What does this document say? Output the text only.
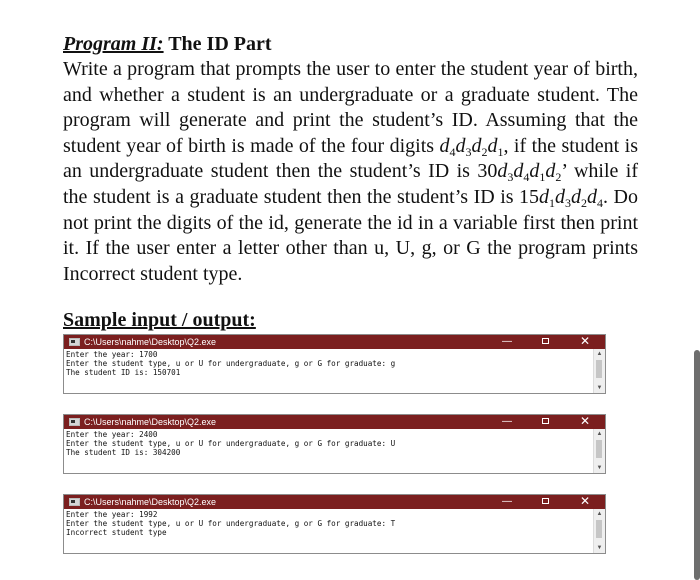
Program II: The ID Part

Write a program that prompts the user to enter the student year of birth, and whether a student is an undergraduate or a graduate student. The program will generate and print the student’s ID. Assuming that the student year of birth is made of the four digits $d_4d_3d_2d_1$, if the student is an undergraduate student then the student’s ID is $30d_3d_4d_1d_2$’ while if the student is a graduate student then the student’s ID is $15d_1d_3d_2d_4$. Do not print the digits of the id, generate the id in a variable first then print it. If the user enter a letter other than u, U, g, or G the program prints Incorrect student type.

Sample input / output:

C:\Users\nahme\Desktop\Q2.exe	—	✕
Enter the year: 1700
Enter the student type, u or U for undergraduate, g or G for graduate: g
The student ID is: 150701
▲
▼
C:\Users\nahme\Desktop\Q2.exe	—	✕
Enter the year: 2400
Enter the student type, u or U for undergraduate, g or G for graduate: U
The student ID is: 304200
▲
▼
C:\Users\nahme\Desktop\Q2.exe	—	✕
Enter the year: 1992
Enter the student type, u or U for undergraduate, g or G for graduate: T
Incorrect student type
▲
▼
